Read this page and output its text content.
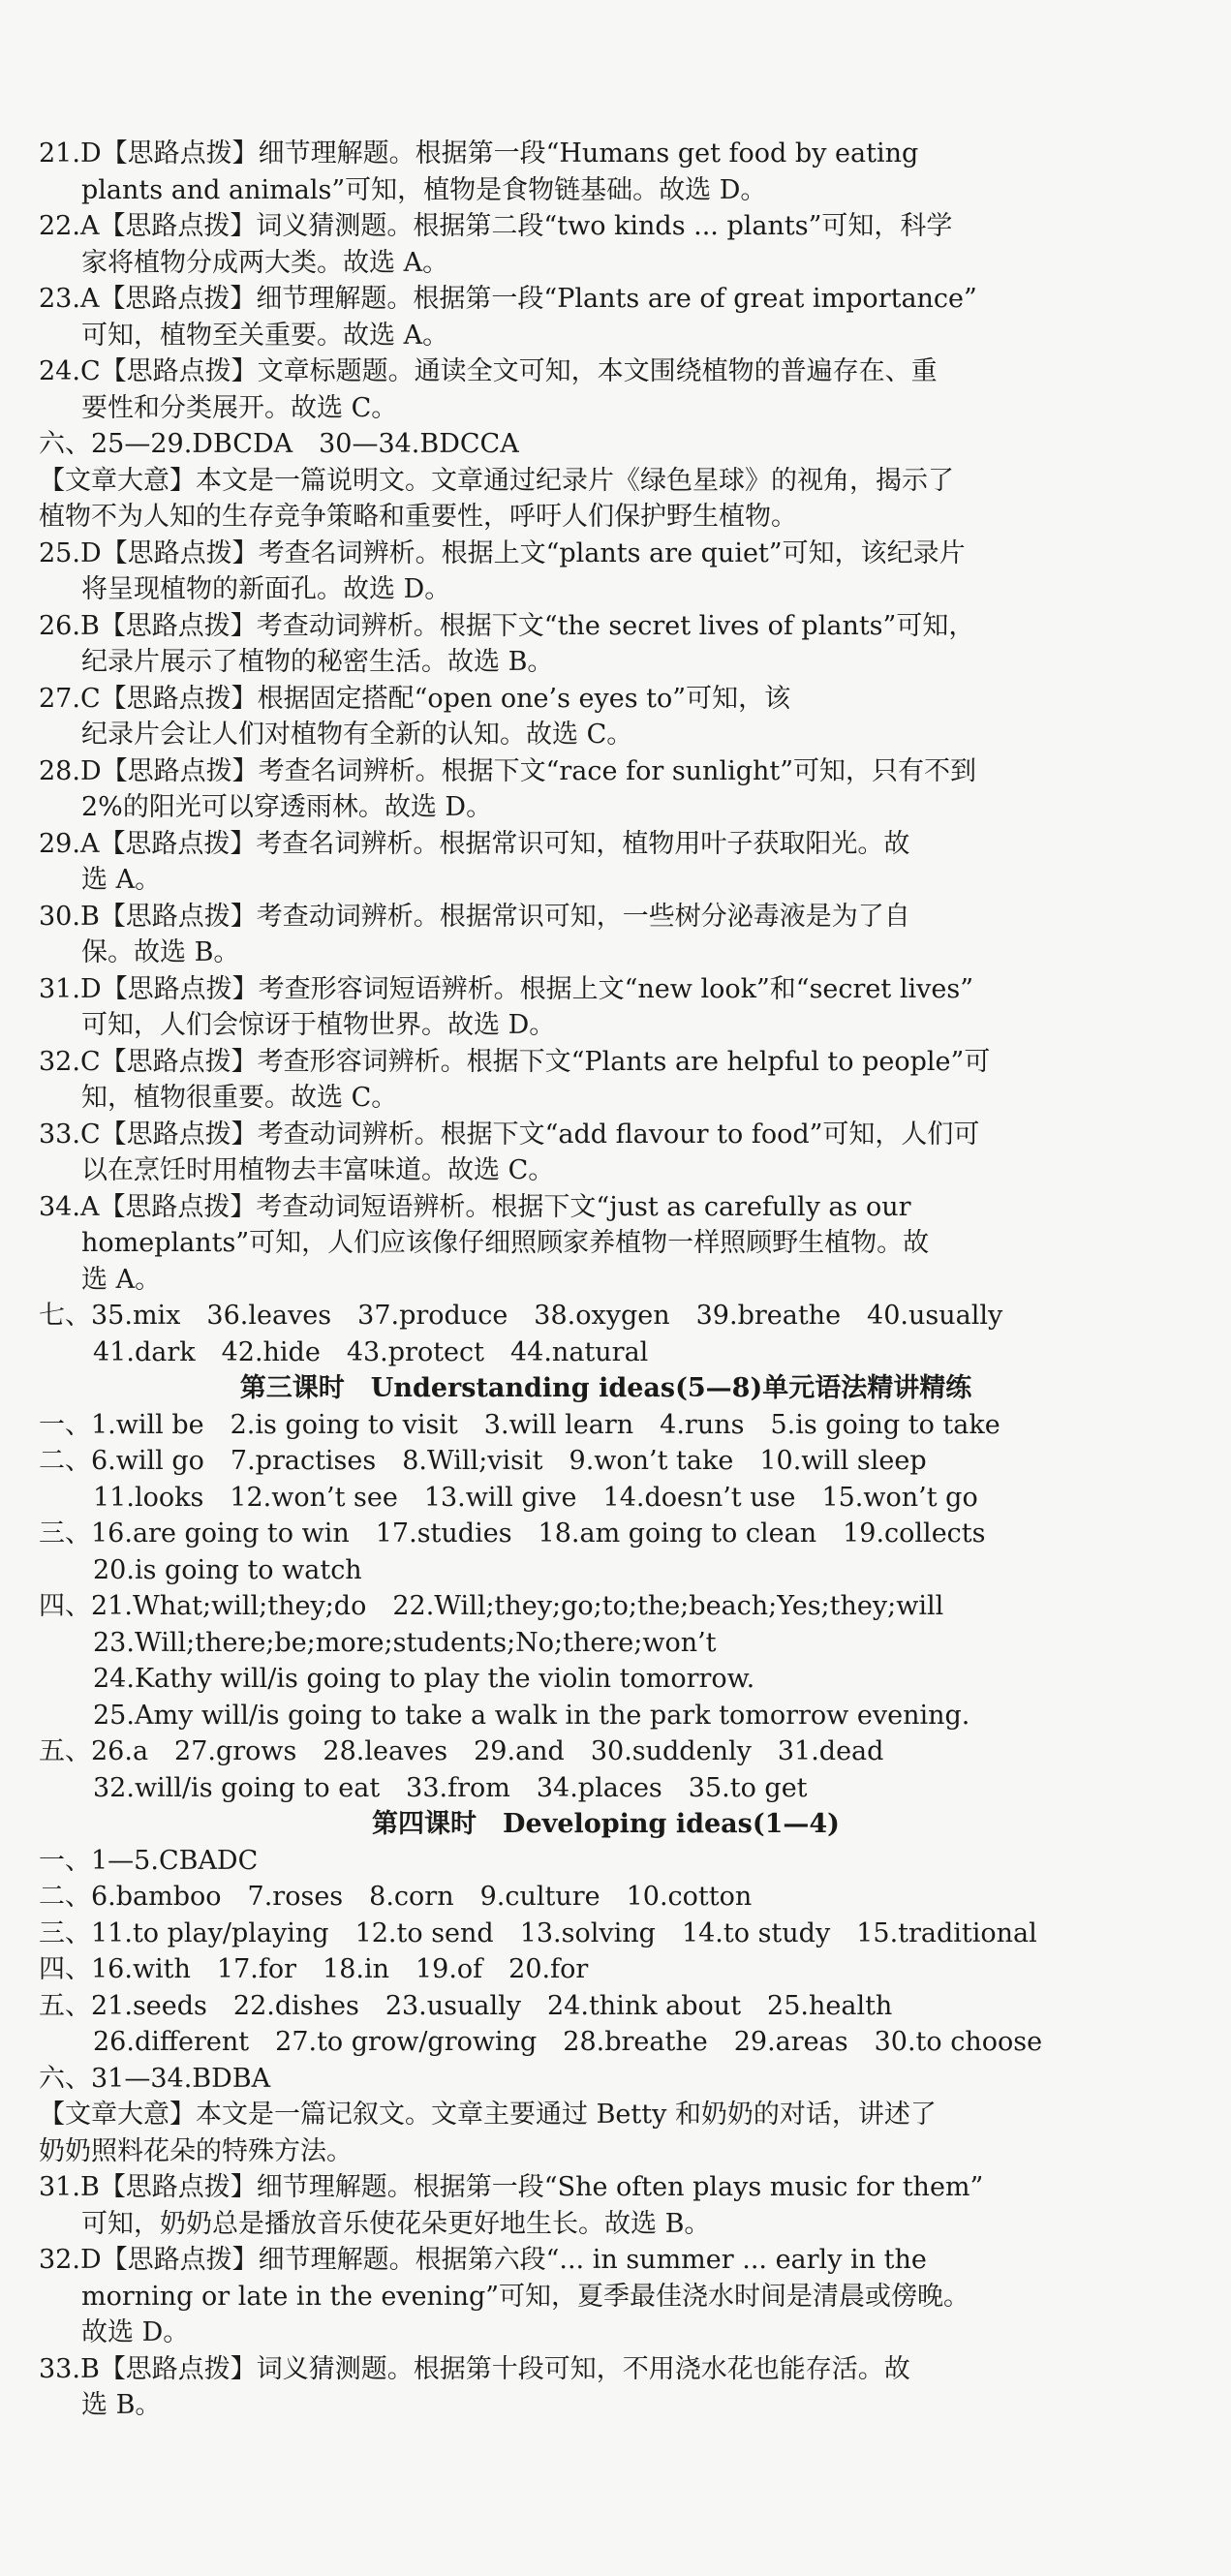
21.D【思路点拨】细节理解题。根据第一段“Humans get food by eating
plants and animals”可知，植物是食物链基础。故选 D。
22.A【思路点拨】词义猜测题。根据第二段“two kinds ... plants”可知，科学
家将植物分成两大类。故选 A。
23.A【思路点拨】细节理解题。根据第一段“Plants are of great importance”
可知，植物至关重要。故选 A。
24.C【思路点拨】文章标题题。通读全文可知，本文围绕植物的普遍存在、重
要性和分类展开。故选 C。
六、25—29.DBCDA　30—34.BDCCA
【文章大意】本文是一篇说明文。文章通过纪录片《绿色星球》的视角，揭示了
植物不为人知的生存竞争策略和重要性，呼吁人们保护野生植物。
25.D【思路点拨】考查名词辨析。根据上文“plants are quiet”可知，该纪录片
将呈现植物的新面孔。故选 D。
26.B【思路点拨】考查动词辨析。根据下文“the secret lives of plants”可知，
纪录片展示了植物的秘密生活。故选 B。
27.C【思路点拨】根据固定搭配“open one’s eyes to”可知，该
纪录片会让人们对植物有全新的认知。故选 C。
28.D【思路点拨】考查名词辨析。根据下文“race for sunlight”可知，只有不到
2%的阳光可以穿透雨林。故选 D。
29.A【思路点拨】考查名词辨析。根据常识可知，植物用叶子获取阳光。故
选 A。
30.B【思路点拨】考查动词辨析。根据常识可知，一些树分泌毒液是为了自
保。故选 B。
31.D【思路点拨】考查形容词短语辨析。根据上文“new look”和“secret lives”
可知，人们会惊讶于植物世界。故选 D。
32.C【思路点拨】考查形容词辨析。根据下文“Plants are helpful to people”可
知，植物很重要。故选 C。
33.C【思路点拨】考查动词辨析。根据下文“add flavour to food”可知，人们可
以在烹饪时用植物去丰富味道。故选 C。
34.A【思路点拨】考查动词短语辨析。根据下文“just as carefully as our
homeplants”可知，人们应该像仔细照顾家养植物一样照顾野生植物。故
选 A。
七、35.mix　36.leaves　37.produce　38.oxygen　39.breathe　40.usually
41.dark　42.hide　43.protect　44.natural
第三课时　Understanding ideas(5—8)单元语法精讲精练
一、1.will be　2.is going to visit　3.will learn　4.runs　5.is going to take
二、6.will go　7.practises　8.Will;visit　9.won’t take　10.will sleep
11.looks　12.won’t see　13.will give　14.doesn’t use　15.won’t go
三、16.are going to win　17.studies　18.am going to clean　19.collects
20.is going to watch
四、21.What;will;they;do　22.Will;they;go;to;the;beach;Yes;they;will
23.Will;there;be;more;students;No;there;won’t
24.Kathy will/is going to play the violin tomorrow.
25.Amy will/is going to take a walk in the park tomorrow evening.
五、26.a　27.grows　28.leaves　29.and　30.suddenly　31.dead
32.will/is going to eat　33.from　34.places　35.to get
第四课时　Developing ideas(1—4)
一、1—5.CBADC
二、6.bamboo　7.roses　8.corn　9.culture　10.cotton
三、11.to play/playing　12.to send　13.solving　14.to study　15.traditional
四、16.with　17.for　18.in　19.of　20.for
五、21.seeds　22.dishes　23.usually　24.think about　25.health
26.different　27.to grow/growing　28.breathe　29.areas　30.to choose
六、31—34.BDBA
【文章大意】本文是一篇记叙文。文章主要通过 Betty 和奶奶的对话，讲述了
奶奶照料花朵的特殊方法。
31.B【思路点拨】细节理解题。根据第一段“She often plays music for them”
可知，奶奶总是播放音乐使花朵更好地生长。故选 B。
32.D【思路点拨】细节理解题。根据第六段“... in summer ... early in the
morning or late in the evening”可知，夏季最佳浇水时间是清晨或傍晚。
故选 D。
33.B【思路点拨】词义猜测题。根据第十段可知，不用浇水花也能存活。故
选 B。
